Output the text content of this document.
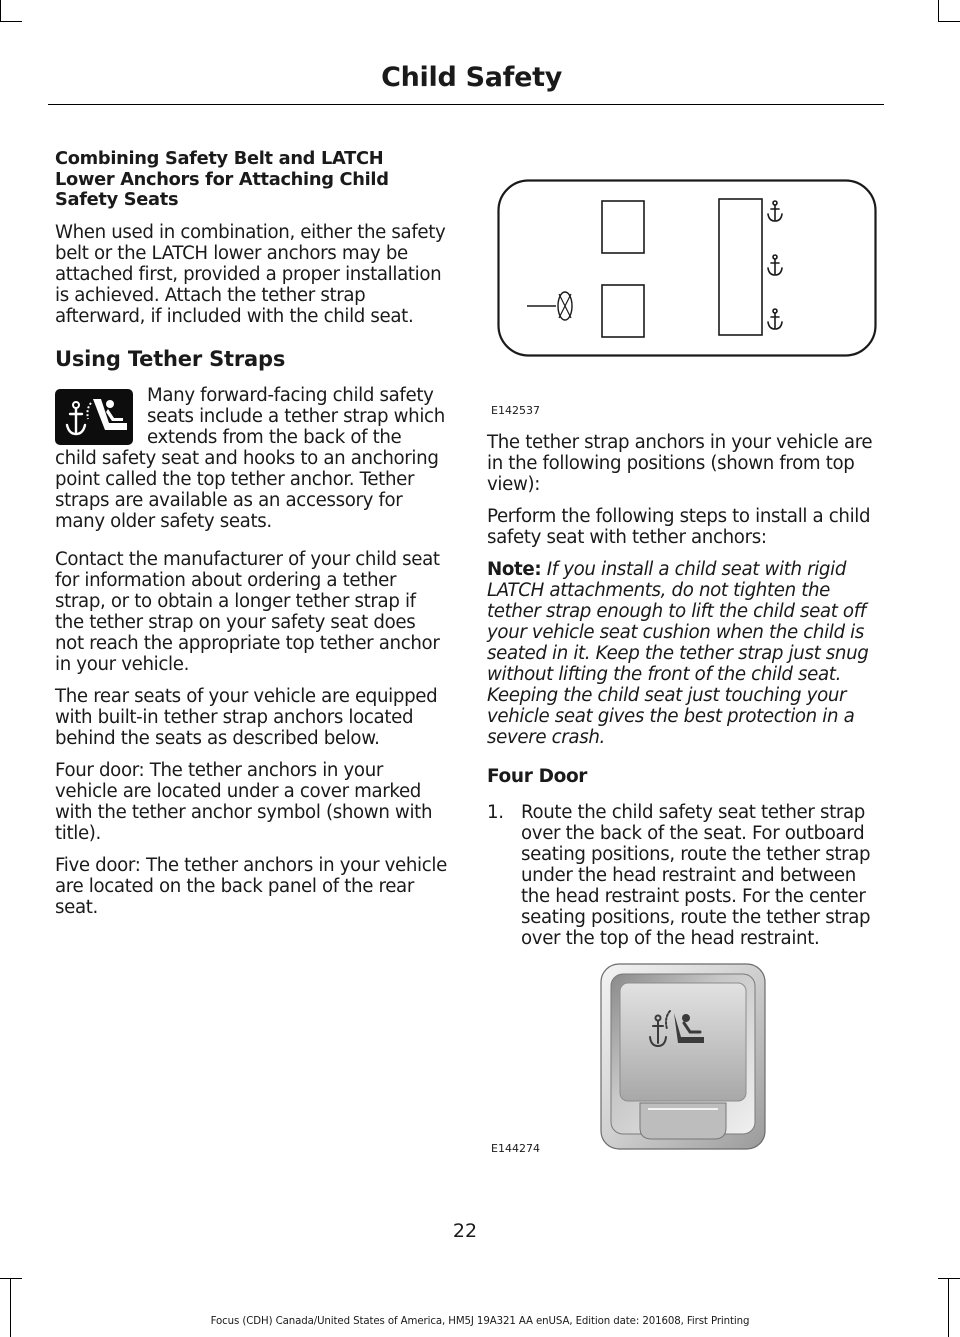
Child Safety
Combining Safety Belt and LATCH Lower Anchors for Attaching Child Safety Seats

When used in combination, either the safety belt or the LATCH lower anchors may be attached first, provided a proper installation is achieved. Attach the tether strap afterward, if included with the child seat.

Using Tether Straps

Many forward-facing child safety seats include a tether strap which extends from the back of the child safety seat and hooks to an anchoring point called the top tether anchor. Tether straps are available as an accessory for many older safety seats.

Contact the manufacturer of your child seat for information about ordering a tether strap, or to obtain a longer tether strap if the tether strap on your safety seat does not reach the appropriate top tether anchor in your vehicle.

The rear seats of your vehicle are equipped with built-in tether strap anchors located behind the seats as described below.

Four door: The tether anchors in your vehicle are located under a cover marked with the tether anchor symbol (shown with title).

Five door: The tether anchors in your vehicle are located on the back panel of the rear seat.

E142537

The tether strap anchors in your vehicle are in the following positions (shown from top view):

Perform the following steps to install a child safety seat with tether anchors:

Note: If you install a child seat with rigid LATCH attachments, do not tighten the tether strap enough to lift the child seat off your vehicle seat cushion when the child is seated in it. Keep the tether strap just snug without lifting the front of the child seat. Keeping the child seat just touching your vehicle seat gives the best protection in a severe crash.

Four Door
1. Route the child safety seat tether strap over the back of the seat. For outboard seating positions, route the tether strap under the head restraint and between the head restraint posts. For the center seating positions, route the tether strap over the top of the head restraint.
E144274
22
Focus (CDH) Canada/United States of America, HM5J 19A321 AA enUSA, Edition date: 201608, First Printing
